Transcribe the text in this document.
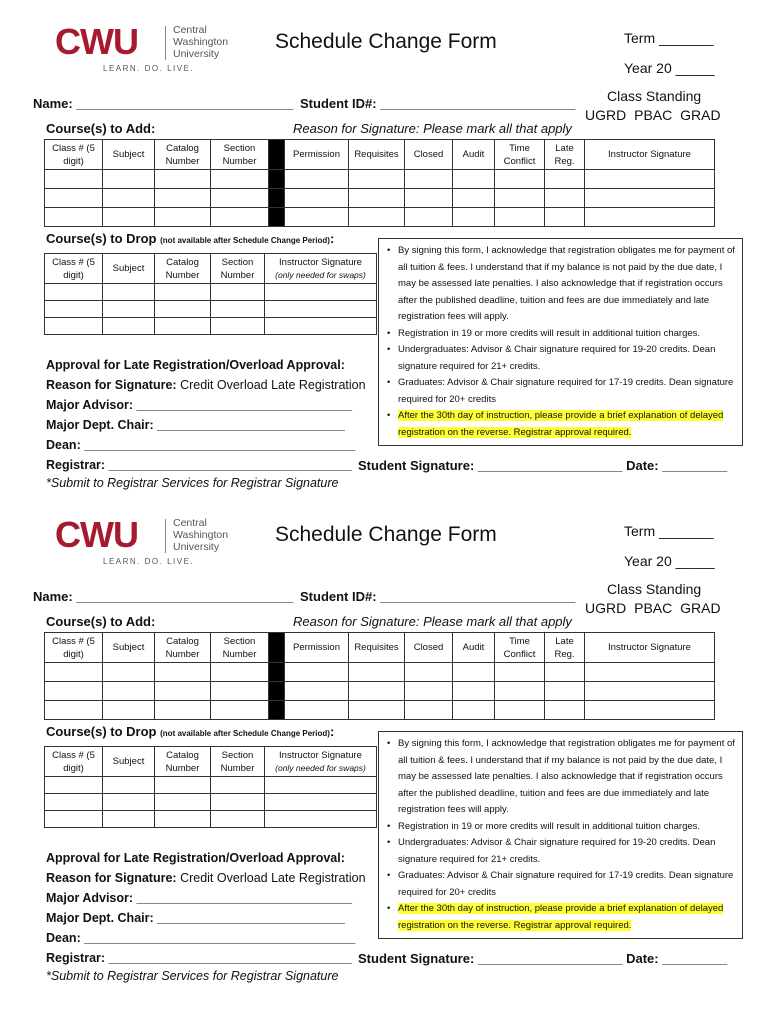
CWU	Central
Washington
University
LEARN. DO. LIVE.
Schedule Change Form	Term _______
Year 20 _____
Class Standing
UGRD PBAC GRAD
Name: ______________________________ Student ID#: ___________________________
Course(s) to Add:	Reason for Signature: Please mark all that apply
Class # (5 digit)	Subject	Catalog Number	Section Number		Permission	Requisites	Closed	Audit	Time Conflict	Late Reg.	Instructor Signature

Course(s) to Drop (not available after Schedule Change Period):
Class # (5 digit)	Subject	Catalog Number	Section Number	Instructor Signature
(only needed for swaps)

• By signing this form, I acknowledge that registration obligates me for payment of all tuition & fees. I understand that if my balance is not paid by the due date, I may be assessed late penalties. I also acknowledge that if registration occurs after the published deadline, tuition and fees are due immediately and late registration fees will apply.
• Registration in 19 or more credits will result in additional tuition charges.
• Undergraduates: Advisor & Chair signature required for 19-20 credits. Dean signature required for 21+ credits.
• Graduates: Advisor & Chair signature required for 17-19 credits. Dean signature required for 20+ credits
• After the 30th day of instruction, please provide a brief explanation of delayed registration on the reverse. Registrar approval required.
Approval for Late Registration/Overload Approval:
Reason for Signature: Credit Overload Late Registration
Major Advisor: _______________________________
Major Dept. Chair: ___________________________
Dean: _______________________________________
Registrar: ___________________________________ Student Signature: ____________________ Date: _________
*Submit to Registrar Services for Registrar Signature
CWU	Central
Washington
University
LEARN. DO. LIVE.
Schedule Change Form	Term _______
Year 20 _____
Class Standing
UGRD PBAC GRAD
Name: ______________________________ Student ID#: ___________________________
Course(s) to Add:	Reason for Signature: Please mark all that apply
Class # (5 digit)	Subject	Catalog Number	Section Number		Permission	Requisites	Closed	Audit	Time Conflict	Late Reg.	Instructor Signature

Course(s) to Drop (not available after Schedule Change Period):
Class # (5 digit)	Subject	Catalog Number	Section Number	Instructor Signature
(only needed for swaps)

• By signing this form, I acknowledge that registration obligates me for payment of all tuition & fees. I understand that if my balance is not paid by the due date, I may be assessed late penalties. I also acknowledge that if registration occurs after the published deadline, tuition and fees are due immediately and late registration fees will apply.
• Registration in 19 or more credits will result in additional tuition charges.
• Undergraduates: Advisor & Chair signature required for 19-20 credits. Dean signature required for 21+ credits.
• Graduates: Advisor & Chair signature required for 17-19 credits. Dean signature required for 20+ credits
• After the 30th day of instruction, please provide a brief explanation of delayed registration on the reverse. Registrar approval required.
Approval for Late Registration/Overload Approval:
Reason for Signature: Credit Overload Late Registration
Major Advisor: _______________________________
Major Dept. Chair: ___________________________
Dean: _______________________________________
Registrar: ___________________________________ Student Signature: ____________________ Date: _________
*Submit to Registrar Services for Registrar Signature
